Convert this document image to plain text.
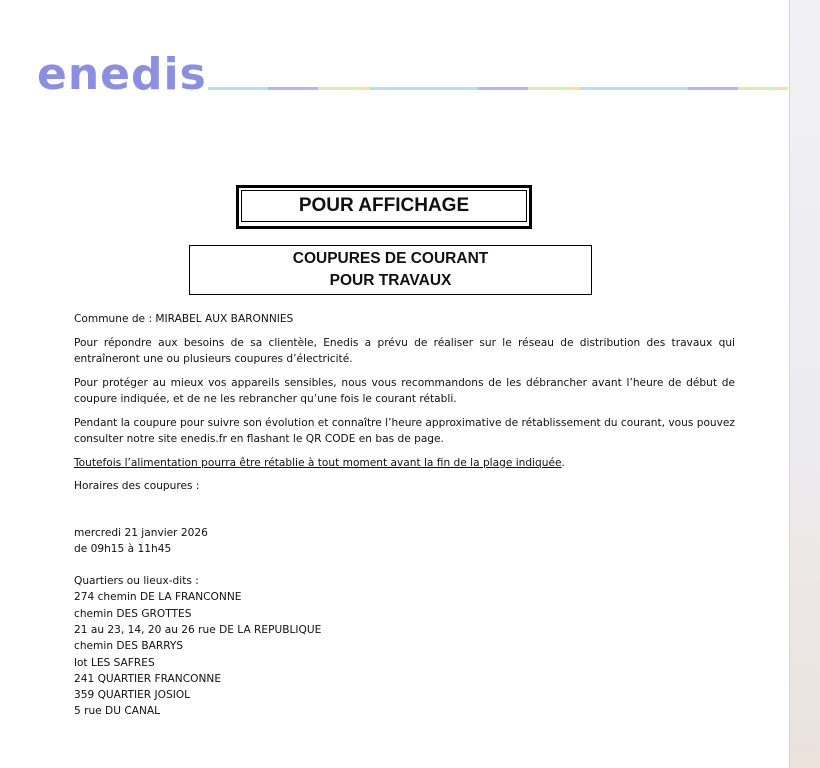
enedis
POUR AFFICHAGE
COUPURES DE COURANT
POUR TRAVAUX

Commune de : MIRABEL AUX BARONNIES

Pour répondre aux besoins de sa clientèle, Enedis a prévu de réaliser sur le réseau de distribution des travaux qui entraîneront une ou plusieurs coupures d’électricité.

Pour protéger au mieux vos appareils sensibles, nous vous recommandons de les débrancher avant l’heure de début de coupure indiquée, et de ne les rebrancher qu’une fois le courant rétabli.

Pendant la coupure pour suivre son évolution et connaître l’heure approximative de rétablissement du courant, vous pouvez consulter notre site enedis.fr en flashant le QR CODE en bas de page.

Toutefois l’alimentation pourra être rétablie à tout moment avant la fin de la plage indiquée.

Horaires des coupures :

mercredi 21 janvier 2026
de 09h15 à 11h45
Quartiers ou lieux-dits :
274 chemin DE LA FRANCONNE
chemin DES GROTTES
21 au 23, 14, 20 au 26 rue DE LA REPUBLIQUE
chemin DES BARRYS
lot LES SAFRES
241 QUARTIER FRANCONNE
359 QUARTIER JOSIOL
5 rue DU CANAL
